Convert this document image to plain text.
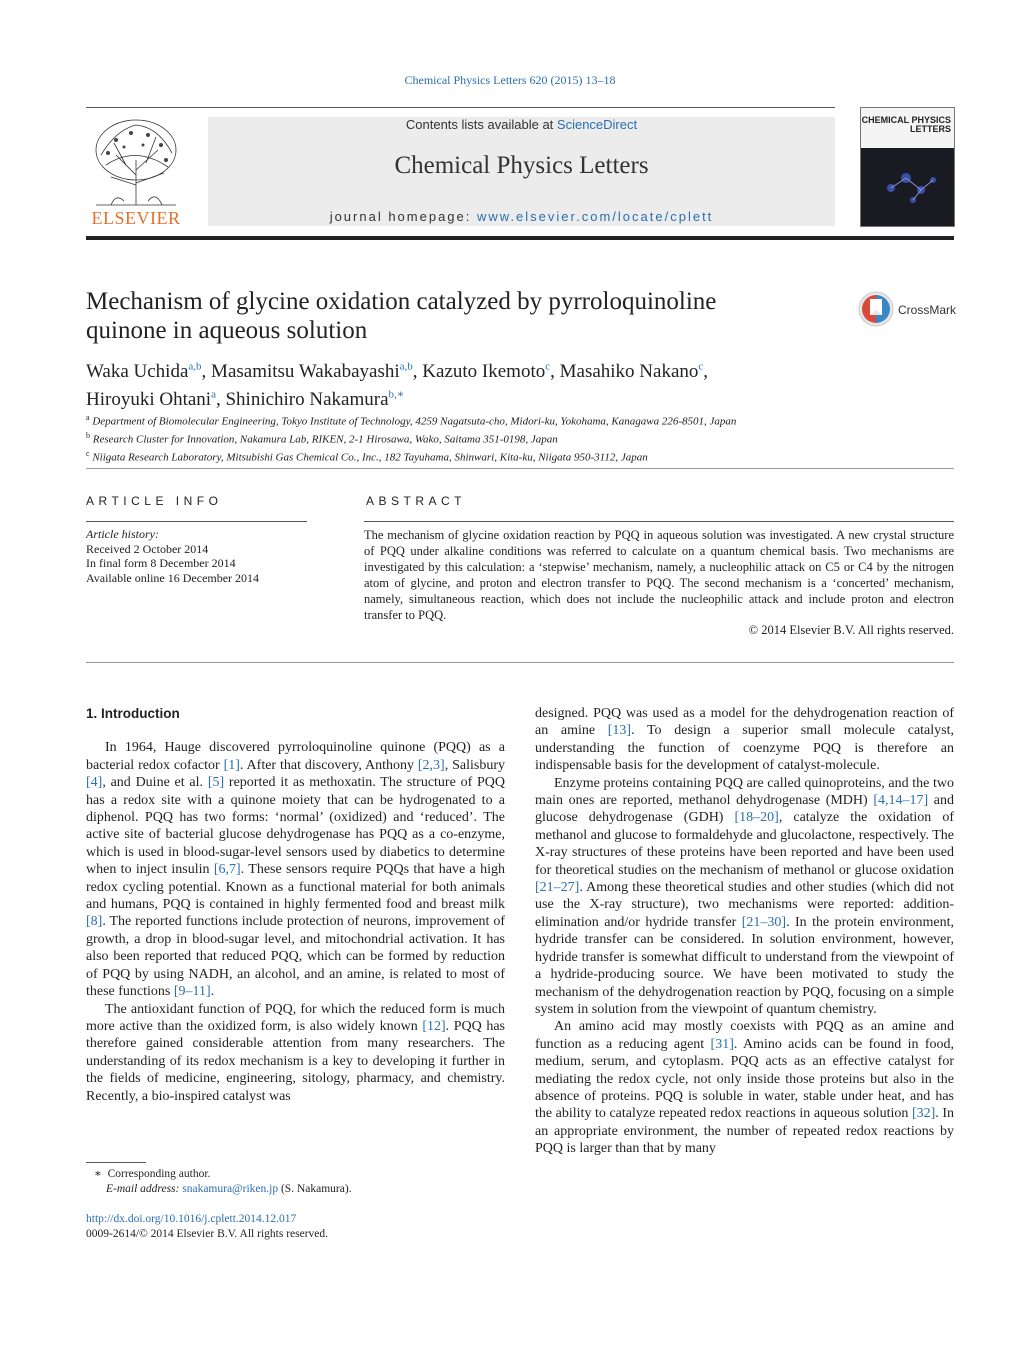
Chemical Physics Letters 620 (2015) 13–18
ELSEVIER
Contents lists available at ScienceDirect
Chemical Physics Letters
journal homepage: www.elsevier.com/locate/cplett
CHEMICAL PHYSICS LETTERS
Mechanism of glycine oxidation catalyzed by pyrroloquinoline quinone in aqueous solution
CrossMark
Waka Uchida$^{a,b}$, Masamitsu Wakabayashi$^{a,b}$, Kazuto Ikemoto$^c$, Masahiko Nakano$^c$,
Hiroyuki Ohtani$^a$, Shinichiro Nakamura$^{b,∗}$
$^a$ Department of Biomolecular Engineering, Tokyo Institute of Technology, 4259 Nagatsuta-cho, Midori-ku, Yokohama, Kanagawa 226-8501, Japan
$^b$ Research Cluster for Innovation, Nakamura Lab, RIKEN, 2-1 Hirosawa, Wako, Saitama 351-0198, Japan
$^c$ Niigata Research Laboratory, Mitsubishi Gas Chemical Co., Inc., 182 Tayuhama, Shinwari, Kita-ku, Niigata 950-3112, Japan
ARTICLE INFO
Article history:
Received 2 October 2014
In final form 8 December 2014
Available online 16 December 2014
ABSTRACT
The mechanism of glycine oxidation reaction by PQQ in aqueous solution was investigated. A new crystal structure of PQQ under alkaline conditions was referred to calculate on a quantum chemical basis. Two mechanisms are investigated by this calculation: a ‘stepwise’ mechanism, namely, a nucleophilic attack on C5 or C4 by the nitrogen atom of glycine, and proton and electron transfer to PQQ. The second mechanism is a ‘concerted’ mechanism, namely, simultaneous reaction, which does not include the nucleophilic attack and include proton and electron transfer to PQQ.
© 2014 Elsevier B.V. All rights reserved.

1. Introduction

In 1964, Hauge discovered pyrroloquinoline quinone (PQQ) as a bacterial redox cofactor [1]. After that discovery, Anthony [2,3], Salisbury [4], and Duine et al. [5] reported it as methoxatin. The structure of PQQ has a redox site with a quinone moiety that can be hydrogenated to a diphenol. PQQ has two forms: ‘normal’ (oxidized) and ‘reduced’. The active site of bacterial glucose dehydrogenase has PQQ as a co-enzyme, which is used in blood-sugar-level sensors used by diabetics to determine when to inject insulin [6,7]. These sensors require PQQs that have a high redox cycling potential. Known as a functional material for both animals and humans, PQQ is contained in highly fermented food and breast milk [8]. The reported functions include protection of neurons, improvement of growth, a drop in blood-sugar level, and mitochondrial activation. It has also been reported that reduced PQQ, which can be formed by reduction of PQQ by using NADH, an alcohol, and an amine, is related to most of these functions [9–11].

The antioxidant function of PQQ, for which the reduced form is much more active than the oxidized form, is also widely known [12]. PQQ has therefore gained considerable attention from many researchers. The understanding of its redox mechanism is a key to developing it further in the fields of medicine, engineering, sitology, pharmacy, and chemistry. Recently, a bio-inspired catalyst was

designed. PQQ was used as a model for the dehydrogenation reaction of an amine [13]. To design a superior small molecule catalyst, understanding the function of coenzyme PQQ is therefore an indispensable basis for the development of catalyst-molecule.

Enzyme proteins containing PQQ are called quinoproteins, and the two main ones are reported, methanol dehydrogenase (MDH) [4,14–17] and glucose dehydrogenase (GDH) [18–20], catalyze the oxidation of methanol and glucose to formaldehyde and glucolactone, respectively. The X-ray structures of these proteins have been reported and have been used for theoretical studies on the mechanism of methanol or glucose oxidation [21–27]. Among these theoretical studies and other studies (which did not use the X-ray structure), two mechanisms were reported: addition-elimination and/or hydride transfer [21–30]. In the protein environment, hydride transfer can be considered. In solution environment, however, hydride transfer is somewhat difficult to understand from the viewpoint of a hydride-producing source. We have been motivated to study the mechanism of the dehydrogenation reaction by PQQ, focusing on a simple system in solution from the viewpoint of quantum chemistry.

An amino acid may mostly coexists with PQQ as an amine and function as a reducing agent [31]. Amino acids can be found in food, medium, serum, and cytoplasm. PQQ acts as an effective catalyst for mediating the redox cycle, not only inside those proteins but also in the absence of proteins. PQQ is soluble in water, stable under heat, and has the ability to catalyze repeated redox reactions in aqueous solution [32]. In an appropriate environment, the number of repeated redox reactions by PQQ is larger than that by many

∗ Corresponding author.
E-mail address: snakamura@riken.jp (S. Nakamura).
http://dx.doi.org/10.1016/j.cplett.2014.12.017
0009-2614/© 2014 Elsevier B.V. All rights reserved.
